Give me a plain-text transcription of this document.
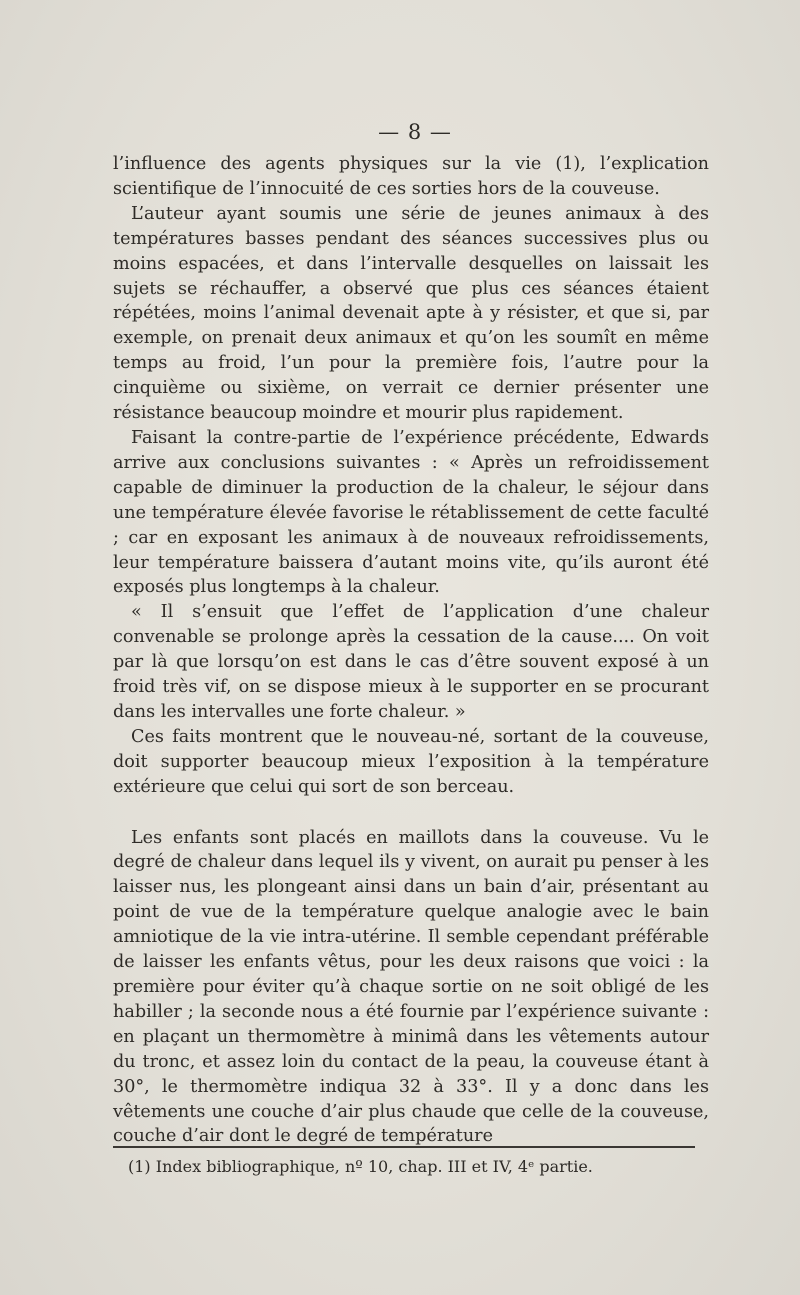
— 8 —

l’influence des agents physiques sur la vie (1), l’explication scientifique de l’innocuité de ces sorties hors de la couveuse.

L’auteur ayant soumis une série de jeunes animaux à des températures basses pendant des séances successives plus ou moins espacées, et dans l’intervalle desquelles on laissait les sujets se réchauffer, a observé que plus ces séances étaient répétées, moins l’animal devenait apte à y résister, et que si, par exemple, on prenait deux animaux et qu’on les soumît en même temps au froid, l’un pour la première fois, l’autre pour la cinquième ou sixième, on verrait ce dernier présenter une résistance beaucoup moindre et mourir plus rapidement.

Faisant la contre-partie de l’expérience précédente, Edwards arrive aux conclusions suivantes : « Après un refroidissement capable de diminuer la production de la chaleur, le séjour dans une température élevée favorise le rétablissement de cette faculté ; car en exposant les animaux à de nouveaux refroidissements, leur température baissera d’autant moins vite, qu’ils auront été exposés plus longtemps à la chaleur.

« Il s’ensuit que l’effet de l’application d’une chaleur convenable se prolonge après la cessation de la cause.... On voit par là que lorsqu’on est dans le cas d’être souvent exposé à un froid très vif, on se dispose mieux à le supporter en se procurant dans les intervalles une forte chaleur. »

Ces faits montrent que le nouveau-né, sortant de la couveuse, doit supporter beaucoup mieux l’exposition à la température extérieure que celui qui sort de son berceau.

Les enfants sont placés en maillots dans la couveuse. Vu le degré de chaleur dans lequel ils y vivent, on aurait pu penser à les laisser nus, les plongeant ainsi dans un bain d’air, présentant au point de vue de la température quelque analogie avec le bain amniotique de la vie intra-utérine. Il semble cependant préférable de laisser les enfants vêtus, pour les deux raisons que voici : la première pour éviter qu’à chaque sortie on ne soit obligé de les habiller ; la seconde nous a été fournie par l’expérience suivante : en plaçant un thermomètre à minimâ dans les vêtements autour du tronc, et assez loin du contact de la peau, la couveuse étant à 30°, le thermomètre indiqua 32 à 33°. Il y a donc dans les vêtements une couche d’air plus chaude que celle de la couveuse, couche d’air dont le degré de température

(1) Index bibliographique, nº 10, chap. III et IV, 4ᵉ partie.
